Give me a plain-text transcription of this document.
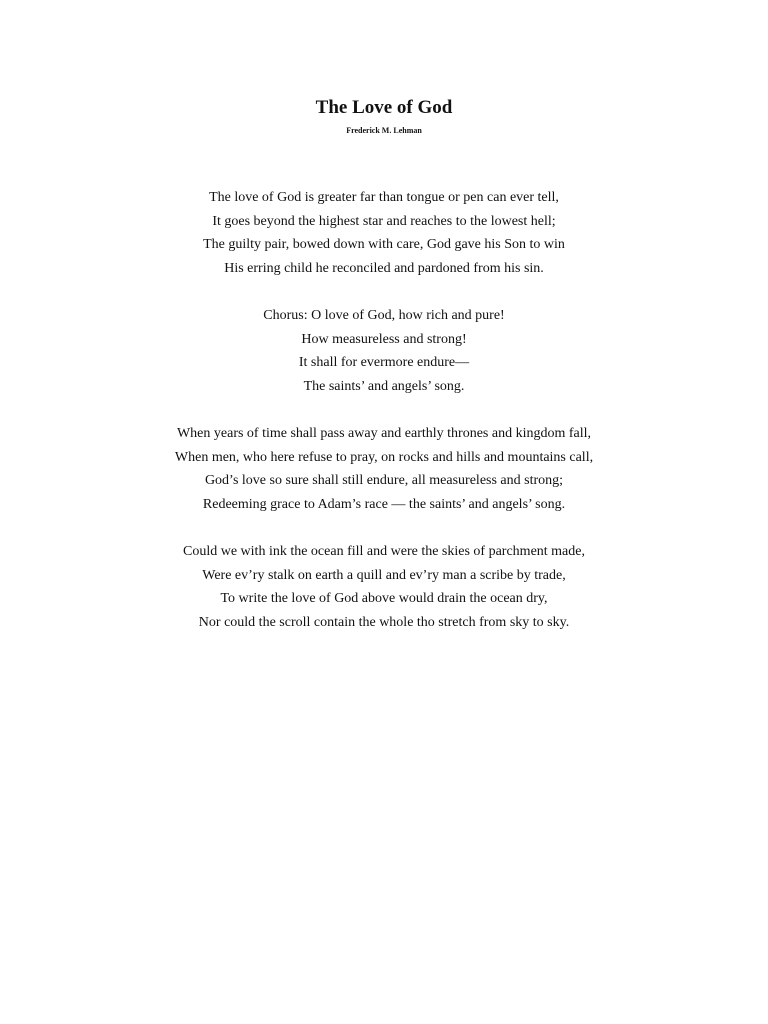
The Love of God

Frederick M. Lehman

The love of God is greater far than tongue or pen can ever tell,
It goes beyond the highest star and reaches to the lowest hell;
The guilty pair, bowed down with care, God gave his Son to win
His erring child he reconciled and pardoned from his sin.
Chorus: O love of God, how rich and pure!
How measureless and strong!
It shall for evermore endure—
The saints’ and angels’ song.
When years of time shall pass away and earthly thrones and kingdom fall,
When men, who here refuse to pray, on rocks and hills and mountains call,
God’s love so sure shall still endure, all measureless and strong;
Redeeming grace to Adam’s race — the saints’ and angels’ song.
Could we with ink the ocean fill and were the skies of parchment made,
Were ev’ry stalk on earth a quill and ev’ry man a scribe by trade,
To write the love of God above would drain the ocean dry,
Nor could the scroll contain the whole tho stretch from sky to sky.
